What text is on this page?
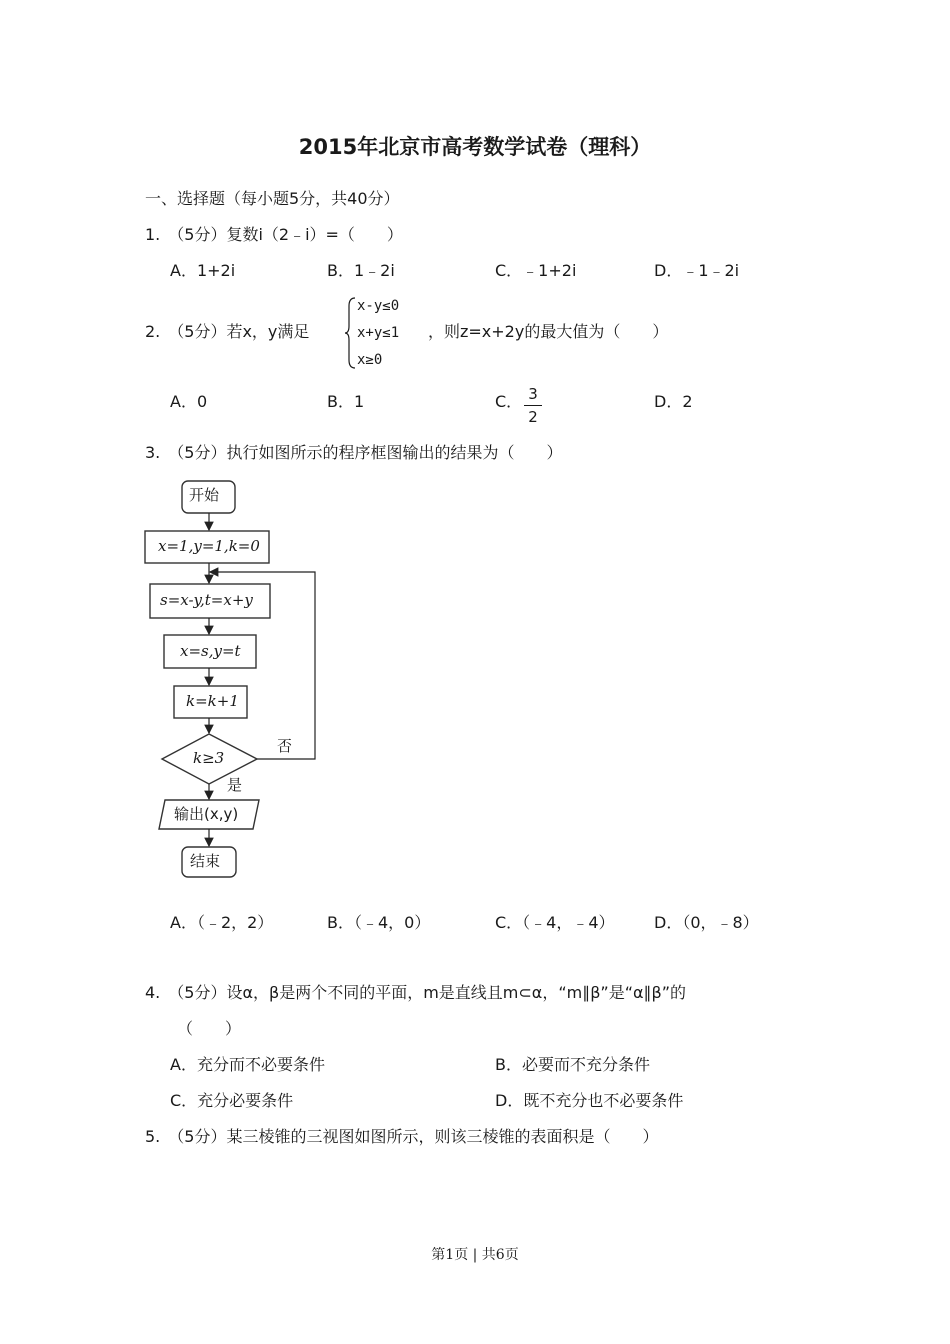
2015年北京市高考数学试卷（理科）
一、选择题（每小题5分，共40分）
1.　（5分）复数i（2﹣i）=（　　）
A．1+2i	B．1﹣2i	C．﹣1+2i	D．﹣1﹣2i
2.　（5分）若x，y满足
x-y≤0
x+y≤1
x≥0
，则z=x+2y的最大值为（　　）
A．0	B．1	C． 3
2
D．2
3.　（5分）执行如图所示的程序框图输出的结果为（　　）
开始
x=1,y=1,k=0
s=x-y,t=x+y
x=s,y=t
k=k+1
k≥3
否
是
输出(x,y)
结束
A．（﹣2，2）	B．（﹣4，0）	C．（﹣4，﹣4） D．（0，﹣8）
4.　（5分）设α，β是两个不同的平面，m是直线且m⊂α，“m∥β”是“α∥β”的
（　　）
A．充分而不必要条件	B．必要而不充分条件
C．充分必要条件	D．既不充分也不必要条件
5.　（5分）某三棱锥的三视图如图所示，则该三棱锥的表面积是（　　）
第1页 | 共6页
